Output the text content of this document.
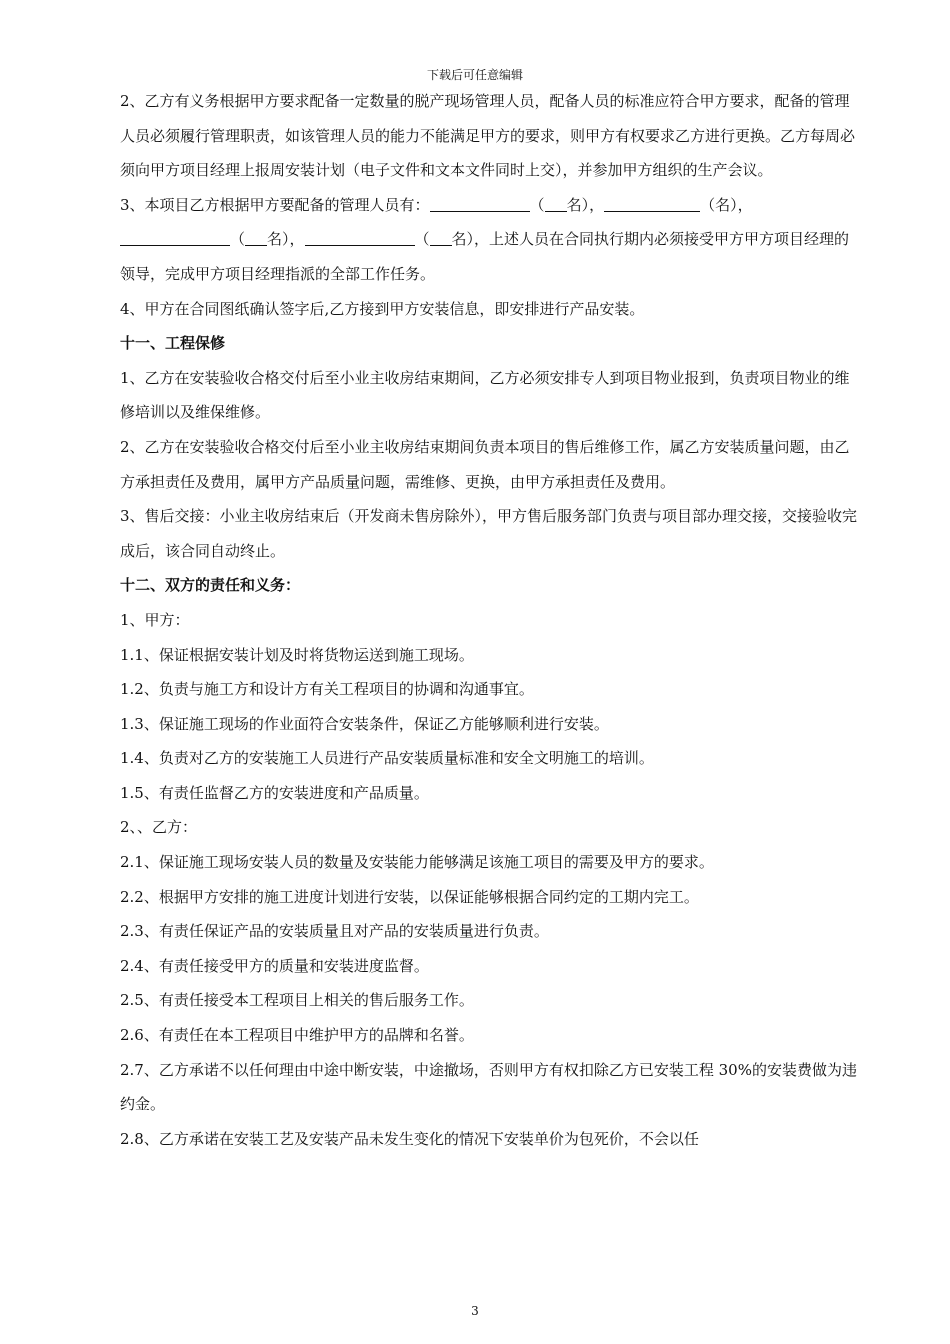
下载后可任意编辑

2、乙方有义务根据甲方要求配备一定数量的脱产现场管理人员，配备人员的标准应符合甲方要求，配备的管理人员必须履行管理职责，如该管理人员的能力不能满足甲方的要求，则甲方有权要求乙方进行更换。乙方每周必须向甲方项目经理上报周安装计划（电子文件和文本文件同时上交），并参加甲方组织的生产会议。

3、本项目乙方根据甲方要配备的管理人员有：	（ 名），	（名），

（ 名），	（ 名），上述人员在合同执行期内必须接受甲方甲方项目经理的领导，完成甲方项目经理指派的全部工作任务。

4、甲方在合同图纸确认签字后,乙方接到甲方安装信息，即安排进行产品安装。

十一、工程保修

1、乙方在安装验收合格交付后至小业主收房结束期间，乙方必须安排专人到项目物业报到，负责项目物业的维修培训以及维保维修。

2、乙方在安装验收合格交付后至小业主收房结束期间负责本项目的售后维修工作，属乙方安装质量问题，由乙方承担责任及费用，属甲方产品质量问题，需维修、更换，由甲方承担责任及费用。

3、售后交接：小业主收房结束后（开发商未售房除外），甲方售后服务部门负责与项目部办理交接，交接验收完成后，该合同自动终止。

十二、双方的责任和义务：

1、甲方：

1.1、保证根据安装计划及时将货物运送到施工现场。

1.2、负责与施工方和设计方有关工程项目的协调和沟通事宜。

1.3、保证施工现场的作业面符合安装条件，保证乙方能够顺利进行安装。

1.4、负责对乙方的安装施工人员进行产品安装质量标准和安全文明施工的培训。

1.5、有责任监督乙方的安装进度和产品质量。

2、、乙方：

2.1、保证施工现场安装人员的数量及安装能力能够满足该施工项目的需要及甲方的要求。

2.2、根据甲方安排的施工进度计划进行安装，以保证能够根据合同约定的工期内完工。

2.3、有责任保证产品的安装质量且对产品的安装质量进行负责。

2.4、有责任接受甲方的质量和安装进度监督。

2.5、有责任接受本工程项目上相关的售后服务工作。

2.6、有责任在本工程项目中维护甲方的品牌和名誉。

2.7、乙方承诺不以任何理由中途中断安装，中途撤场，否则甲方有权扣除乙方已安装工程 30%的安装费做为违约金。

2.8、乙方承诺在安装工艺及安装产品未发生变化的情况下安装单价为包死价，不会以任

3
